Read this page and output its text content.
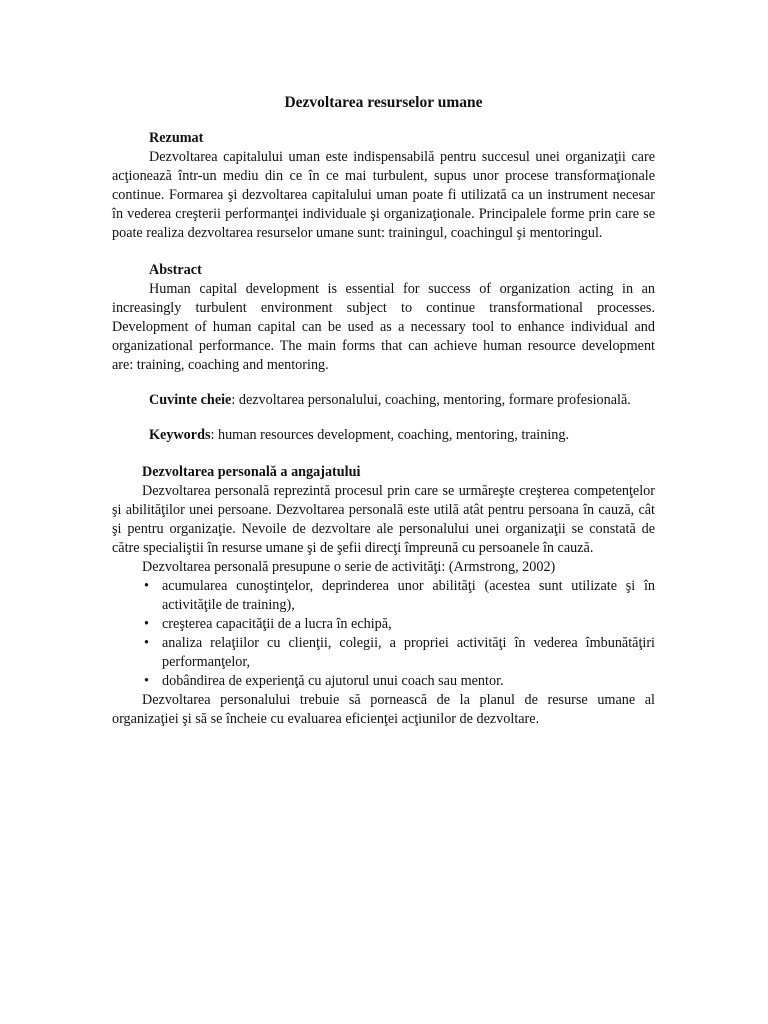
Dezvoltarea resurselor umane
Rezumat

Dezvoltarea capitalului uman este indispensabilă pentru succesul unei organizaţii care acţionează într-un mediu din ce în ce mai turbulent, supus unor procese transformaţionale continue. Formarea şi dezvoltarea capitalului uman poate fi utilizată ca un instrument necesar în vederea creşterii performanţei individuale şi organizaţionale. Principalele forme prin care se poate realiza dezvoltarea resurselor umane sunt: trainingul, coachingul şi mentoringul.

Abstract

Human capital development is essential for success of organization acting in an increasingly turbulent environment subject to continue transformational processes. Development of human capital can be used as a necessary tool to enhance individual and organizational performance. The main forms that can achieve human resource development are: training, coaching and mentoring.

Cuvinte cheie: dezvoltarea personalului, coaching, mentoring, formare profesională.

Keywords: human resources development, coaching, mentoring, training.

Dezvoltarea personală a angajatului

Dezvoltarea personală reprezintă procesul prin care se urmăreşte creşterea competenţelor şi abilităţilor unei persoane. Dezvoltarea personală este utilă atât pentru persoana în cauză, cât şi pentru organizaţie. Nevoile de dezvoltare ale personalului unei organizaţii se constată de către specialiştii în resurse umane şi de şefii direcţi împreună cu persoanele în cauză.

Dezvoltarea personală presupune o serie de activităţi: (Armstrong, 2002)

• acumularea cunoştinţelor, deprinderea unor abilităţi (acestea sunt utilizate şi în activităţile de training),
• creşterea capacităţii de a lucra în echipă,
• analiza relaţiilor cu clienţii, colegii, a propriei activităţi în vederea îmbunătăţiri performanţelor,
• dobândirea de experienţă cu ajutorul unui coach sau mentor.

Dezvoltarea personalului trebuie să pornească de la planul de resurse umane al organizaţiei şi să se încheie cu evaluarea eficienţei acţiunilor de dezvoltare.
